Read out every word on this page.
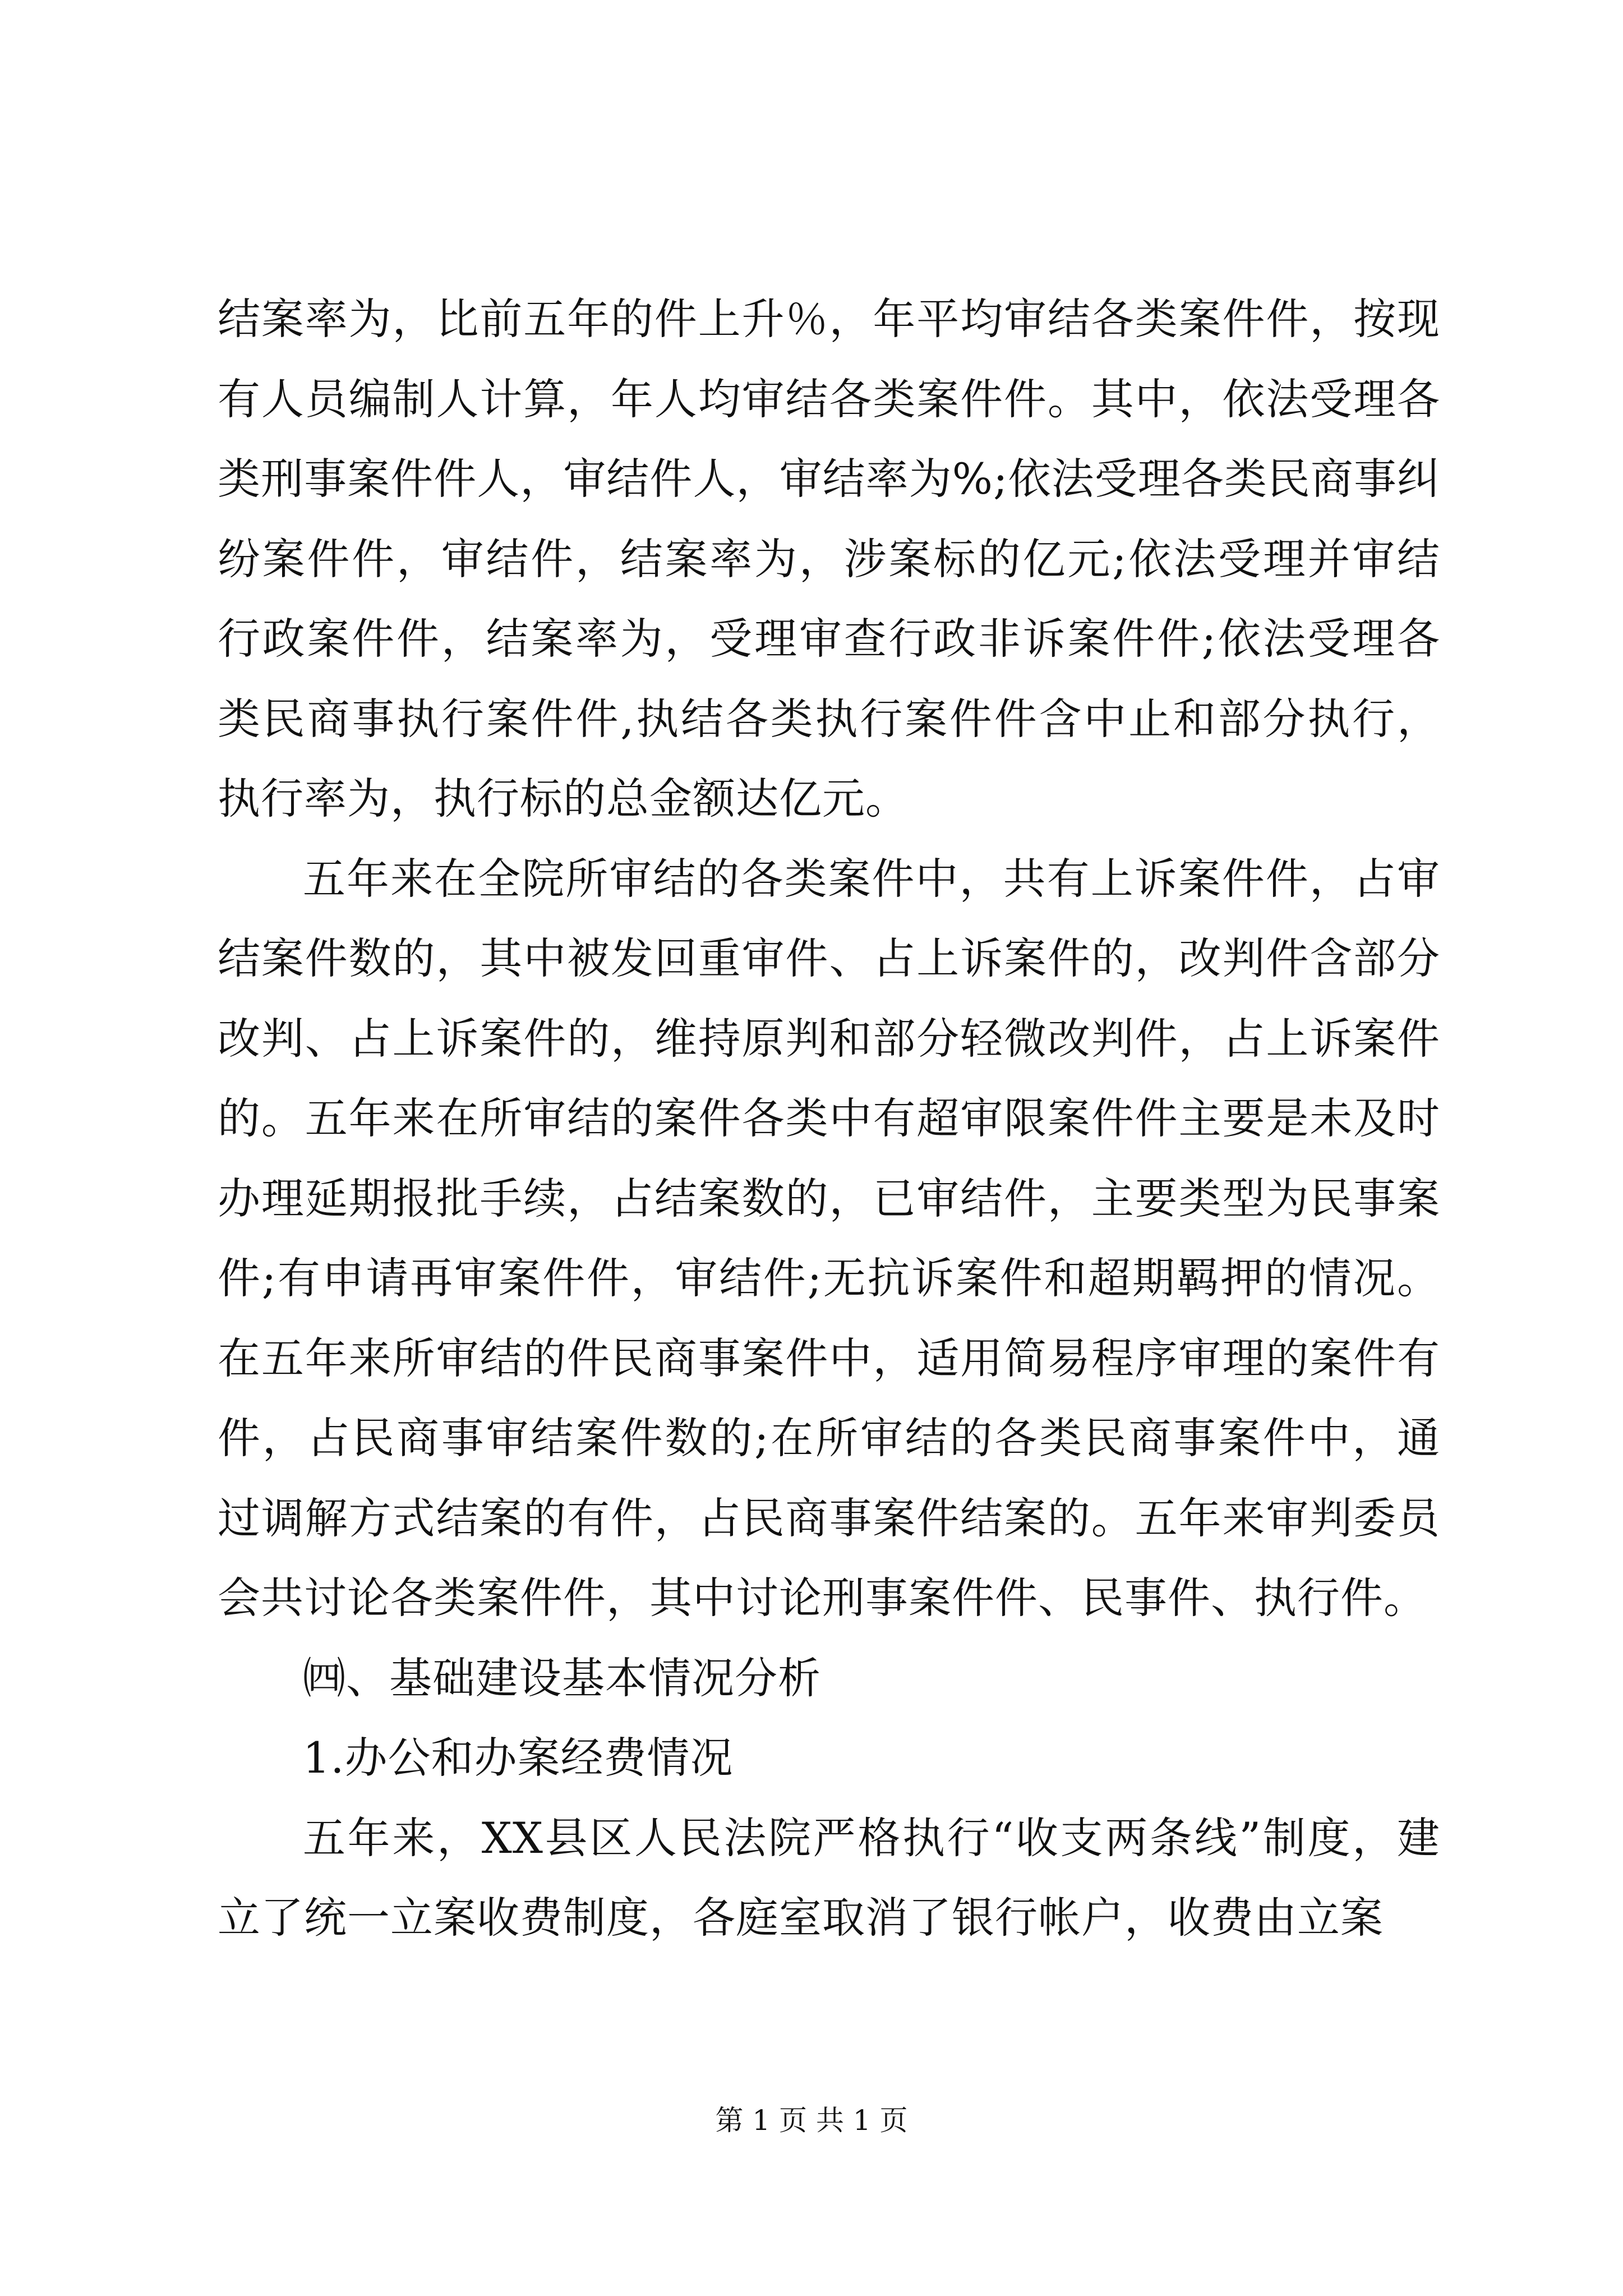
结案率为，比前五年的件上升％，年平均审结各类案件件，按现有人员编制人计算，年人均审结各类案件件。其中，依法受理各类刑事案件件人，审结件人，审结率为%;依法受理各类民商事纠纷案件件，审结件，结案率为，涉案标的亿元;依法受理并审结行政案件件，结案率为，受理审查行政非诉案件件;依法受理各类民商事执行案件件,执结各类执行案件件含中止和部分执行，执行率为，执行标的总金额达亿元。

五年来在全院所审结的各类案件中，共有上诉案件件，占审结案件数的，其中被发回重审件、占上诉案件的，改判件含部分改判、占上诉案件的，维持原判和部分轻微改判件，占上诉案件的。五年来在所审结的案件各类中有超审限案件件主要是未及时办理延期报批手续，占结案数的，已审结件，主要类型为民事案件;有申请再审案件件，审结件;无抗诉案件和超期羁押的情况。在五年来所审结的件民商事案件中，适用简易程序审理的案件有件，占民商事审结案件数的;在所审结的各类民商事案件中，通过调解方式结案的有件，占民商事案件结案的。五年来审判委员会共讨论各类案件件，其中讨论刑事案件件、民事件、执行件。

㈣、基础建设基本情况分析

1.办公和办案经费情况

五年来，XX县区人民法院严格执行“收支两条线”制度，建立了统一立案收费制度，各庭室取消了银行帐户，收费由立案

第 1 页 共 1 页
